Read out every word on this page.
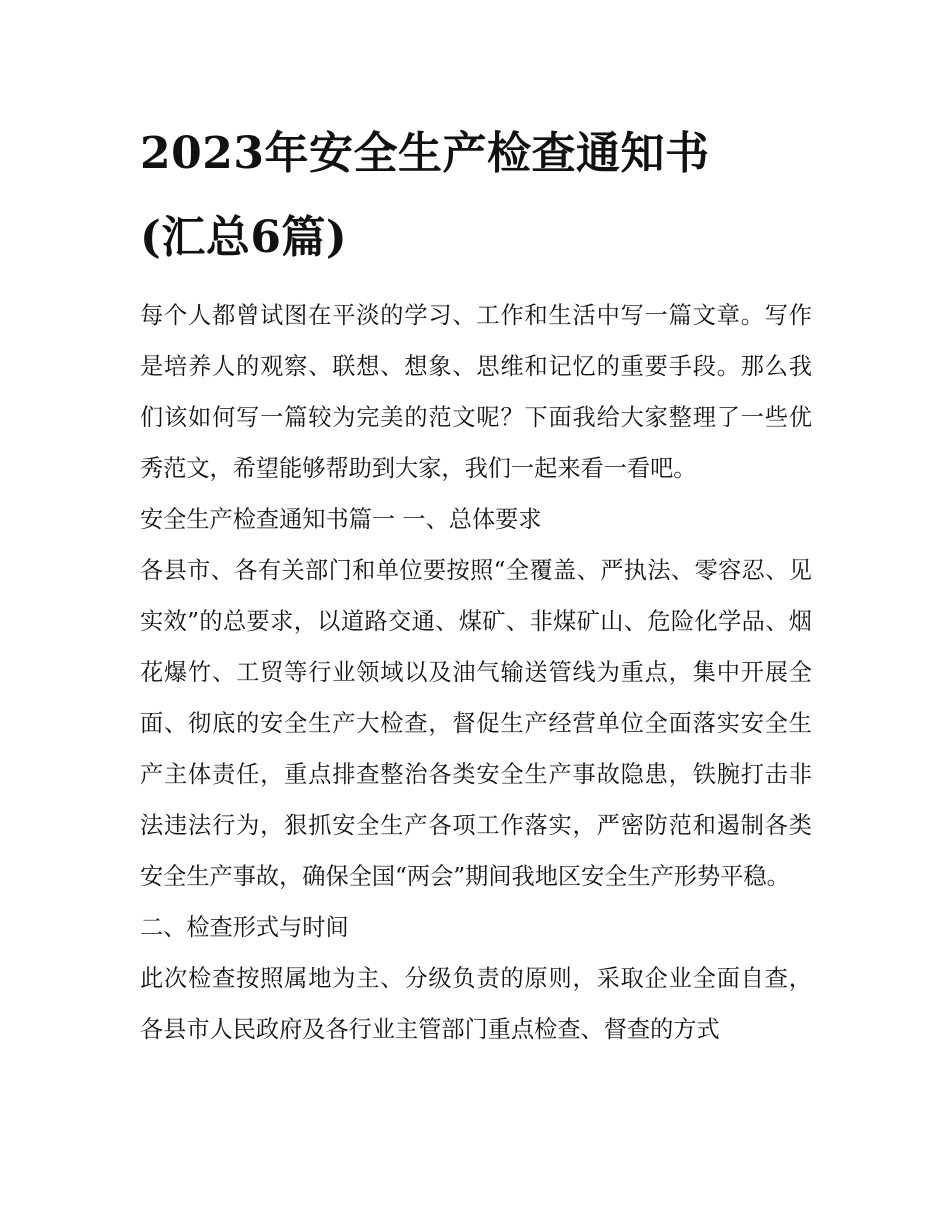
2023年安全生产检查通知书
(汇总6篇)

每个人都曾试图在平淡的学习、工作和生活中写一篇文章。写作是培养人的观察、联想、想象、思维和记忆的重要手段。那么我们该如何写一篇较为完美的范文呢？下面我给大家整理了一些优秀范文，希望能够帮助到大家，我们一起来看一看吧。

安全生产检查通知书篇一 一、总体要求

各县市、各有关部门和单位要按照“全覆盖、严执法、零容忍、见实效”的总要求，以道路交通、煤矿、非煤矿山、危险化学品、烟花爆竹、工贸等行业领域以及油气输送管线为重点，集中开展全面、彻底的安全生产大检查，督促生产经营单位全面落实安全生产主体责任，重点排查整治各类安全生产事故隐患，铁腕打击非法违法行为，狠抓安全生产各项工作落实，严密防范和遏制各类安全生产事故，确保全国“两会”期间我地区安全生产形势平稳。

二、检查形式与时间

此次检查按照属地为主、分级负责的原则，采取企业全面自查，各县市人民政府及各行业主管部门重点检查、督查的方式
